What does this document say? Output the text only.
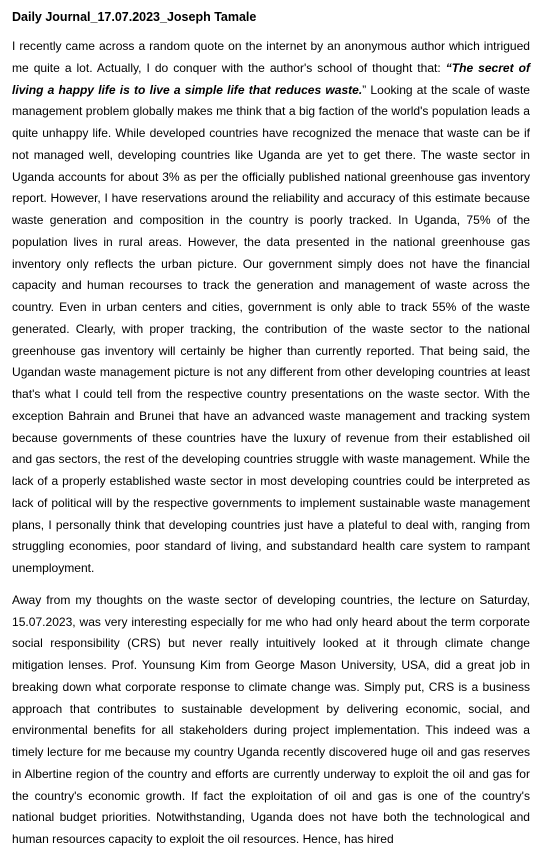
Daily Journal_17.07.2023_Joseph Tamale

I recently came across a random quote on the internet by an anonymous author which intrigued me quite a lot. Actually, I do conquer with the author's school of thought that: “The secret of living a happy life is to live a simple life that reduces waste.” Looking at the scale of waste management problem globally makes me think that a big faction of the world's population leads a quite unhappy life. While developed countries have recognized the menace that waste can be if not managed well, developing countries like Uganda are yet to get there. The waste sector in Uganda accounts for about 3% as per the officially published national greenhouse gas inventory report. However, I have reservations around the reliability and accuracy of this estimate because waste generation and composition in the country is poorly tracked. In Uganda, 75% of the population lives in rural areas. However, the data presented in the national greenhouse gas inventory only reflects the urban picture. Our government simply does not have the financial capacity and human recourses to track the generation and management of waste across the country. Even in urban centers and cities, government is only able to track 55% of the waste generated. Clearly, with proper tracking, the contribution of the waste sector to the national greenhouse gas inventory will certainly be higher than currently reported. That being said, the Ugandan waste management picture is not any different from other developing countries at least that's what I could tell from the respective country presentations on the waste sector. With the exception Bahrain and Brunei that have an advanced waste management and tracking system because governments of these countries have the luxury of revenue from their established oil and gas sectors, the rest of the developing countries struggle with waste management. While the lack of a properly established waste sector in most developing countries could be interpreted as lack of political will by the respective governments to implement sustainable waste management plans, I personally think that developing countries just have a plateful to deal with, ranging from struggling economies, poor standard of living, and substandard health care system to rampant unemployment.

Away from my thoughts on the waste sector of developing countries, the lecture on Saturday, 15.07.2023, was very interesting especially for me who had only heard about the term corporate social responsibility (CRS) but never really intuitively looked at it through climate change mitigation lenses. Prof. Younsung Kim from George Mason University, USA, did a great job in breaking down what corporate response to climate change was. Simply put, CRS is a business approach that contributes to sustainable development by delivering economic, social, and environmental benefits for all stakeholders during project implementation. This indeed was a timely lecture for me because my country Uganda recently discovered huge oil and gas reserves in Albertine region of the country and efforts are currently underway to exploit the oil and gas for the country's economic growth. If fact the exploitation of oil and gas is one of the country's national budget priorities. Notwithstanding, Uganda does not have both the technological and human resources capacity to exploit the oil resources. Hence, has hired
